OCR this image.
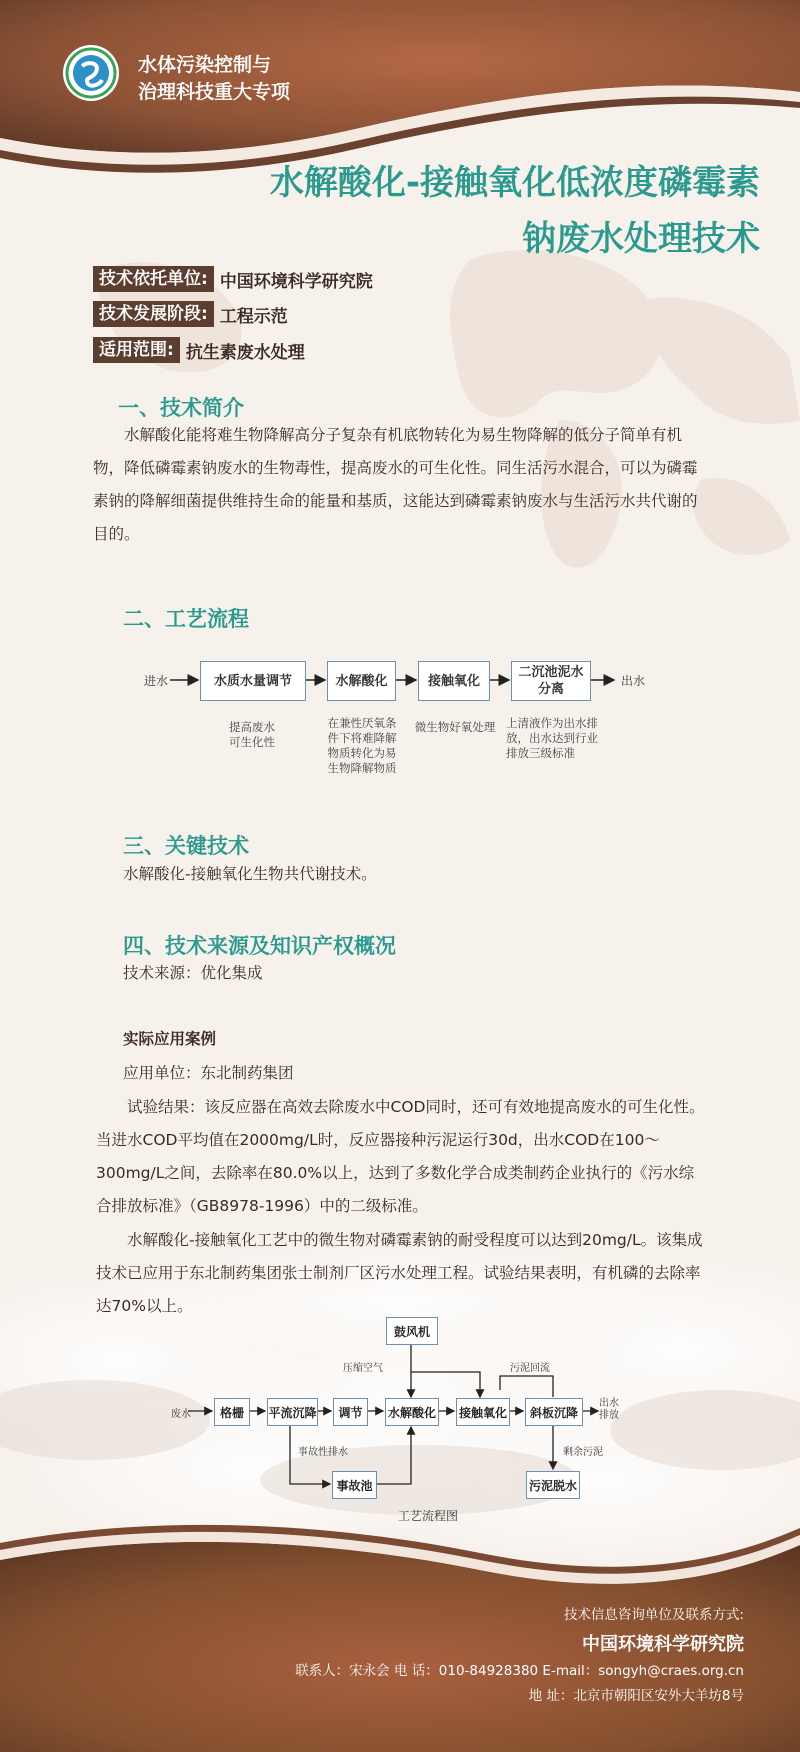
水体污染控制与
治理科技重大专项
水解酸化-接触氧化低浓度磷霉素
钠废水处理技术
技术依托单位: 中国环境科学研究院
技术发展阶段: 工程示范
适用范围: 抗生素废水处理
一、技术简介
水解酸化能将难生物降解高分子复杂有机底物转化为易生物降解的低分子简单有机物，降低磷霉素钠废水的生物毒性，提高废水的可生化性。同生活污水混合，可以为磷霉素钠的降解细菌提供维持生命的能量和基质，这能达到磷霉素钠废水与生活污水共代谢的目的。
二、工艺流程
进水	出水
水质水量调节	水解酸化	接触氧化
二沉池泥水
分离
提高废水
可生化性
在兼性厌氧条
件下将难降解
物质转化为易
生物降解物质
微生物好氧处理 上清液作为出水排
放，出水达到行业
排放三级标准
三、关键技术
水解酸化-接触氧化生物共代谢技术。
四、技术来源及知识产权概况
技术来源：优化集成
实际应用案例
应用单位：东北制药集团
试验结果：该反应器在高效去除废水中COD同时，还可有效地提高废水的可生化性。当进水COD平均值在2000mg/L时，反应器接种污泥运行30d，出水COD在100～300mg/L之间，去除率在80.0%以上，达到了多数化学合成类制药企业执行的《污水综合排放标准》（GB8978-1996）中的二级标准。
水解酸化-接触氧化工艺中的微生物对磷霉素钠的耐受程度可以达到20mg/L。该集成技术已应用于东北制药集团张士制剂厂区污水处理工程。试验结果表明，有机磷的去除率达70%以上。
鼓风机
格栅	平流沉降	调节	水解酸化 接触氧化	斜板沉降
事故池	污泥脱水
废水
出水
排放
压缩空气	污泥回流
事故性排水	剩余污泥
工艺流程图
技术信息咨询单位及联系方式:
中国环境科学研究院
联系人：宋永会 电 话：010-84928380 E-mail：songyh@craes.org.cn
地 址：北京市朝阳区安外大羊坊8号
